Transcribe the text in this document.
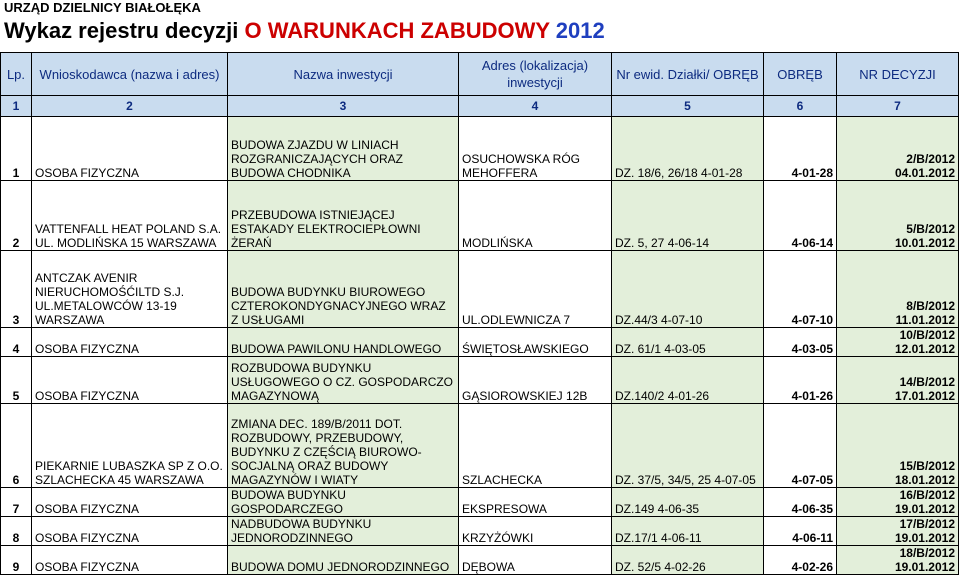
URZĄD DZIELNICY BIAŁOŁĘKA
Wykaz rejestru decyzji O WARUNKACH ZABUDOWY 2012
Lp.	Wnioskodawca (nazwa i adres)	Nazwa inwestycji	Adres (lokalizacja) inwestycji	Nr ewid. Działki/ OBRĘB	OBRĘB	NR DECYZJI
1	2	3	4	5	6	7
1	OSOBA FIZYCZNA	BUDOWA ZJAZDU W LINIACH ROZGRANICZAJĄCYCH ORAZ BUDOWA CHODNIKA	OSUCHOWSKA RÓG MEHOFFERA	DZ. 18/6, 26/18 4-01-28	4-01-28	2/B/2012
04.01.2012

2	VATTENFALL HEAT POLAND S.A. UL. MODLIŃSKA 15 WARSZAWA	PRZEBUDOWA ISTNIEJĄCEJ ESTAKADY ELEKTROCIEPŁOWNI ŻERAŃ	MODLIŃSKA	DZ. 5, 27 4-06-14	4-06-14	5/B/2012
10.01.2012

3	ANTCZAK AVENIR NIERUCHOMOŚĆILTD S.J. UL.METALOWCÓW 13-19 WARSZAWA	BUDOWA BUDYNKU BIUROWEGO CZTEROKONDYGNACYJNEGO WRAZ Z USŁUGAMI	UL.ODLEWNICZA 7	DZ.44/3 4-07-10	4-07-10	8/B/2012
11.01.2012

4	OSOBA FIZYCZNA	BUDOWA PAWILONU HANDLOWEGO	ŚWIĘTOSŁAWSKIEGO	DZ. 61/1 4-03-05	4-03-05	10/B/2012
12.01.2012

5	OSOBA FIZYCZNA	ROZBUDOWA BUDYNKU USŁUGOWEGO O CZ. GOSPODARCZO MAGAZYNOWĄ	GĄSIOROWSKIEJ 12B	DZ.140/2 4-01-26	4-01-26	14/B/2012
17.01.2012

6	PIEKARNIE LUBASZKA SP Z O.O. SZLACHECKA 45 WARSZAWA	ZMIANA DEC. 189/B/2011 DOT. ROZBUDOWY, PRZEBUDOWY, BUDYNKU Z CZĘŚCIĄ BIUROWO-SOCJALNĄ ORAZ BUDOWY MAGAZYNÓW I WIATY	SZLACHECKA	DZ. 37/5, 34/5, 25 4-07-05	4-07-05	15/B/2012
18.01.2012

7	OSOBA FIZYCZNA	BUDOWA BUDYNKU GOSPODARCZEGO	EKSPRESOWA	DZ.149 4-06-35	4-06-35	16/B/2012
19.01.2012

8	OSOBA FIZYCZNA	NADBUDOWA BUDYNKU JEDNORODZINNEGO	KRZYŻÓWKI	DZ.17/1 4-06-11	4-06-11	17/B/2012
19.01.2012

9	OSOBA FIZYCZNA	BUDOWA DOMU JEDNORODZINNEGO	DĘBOWA	DZ. 52/5 4-02-26	4-02-26	18/B/2012
19.01.2012
